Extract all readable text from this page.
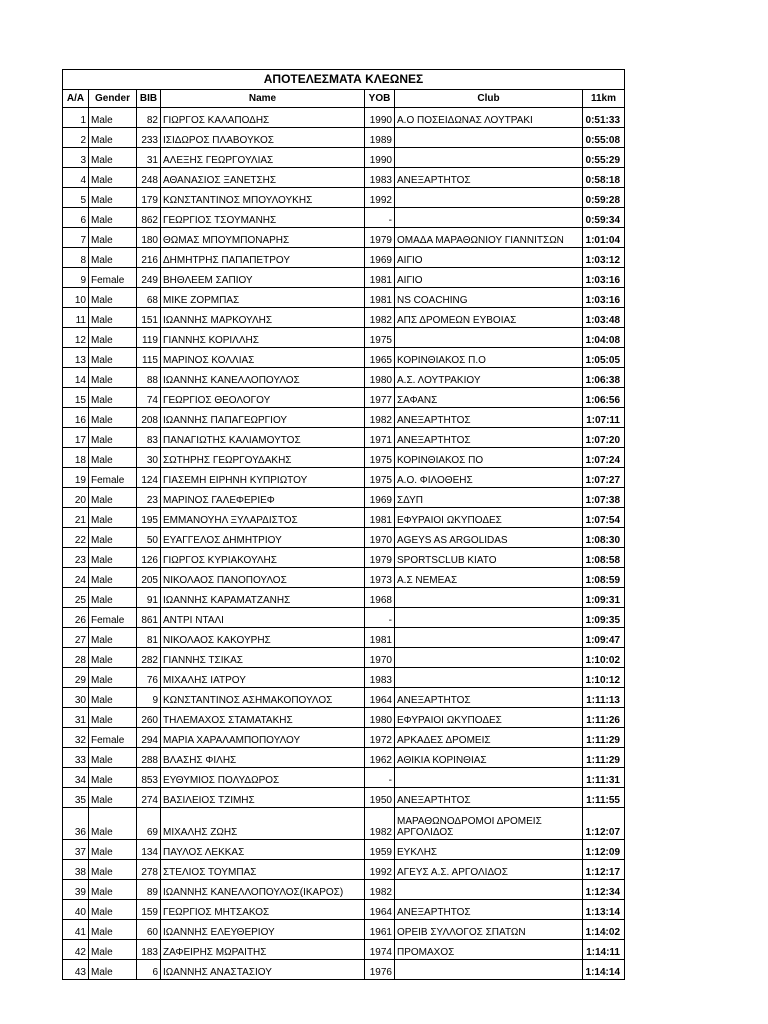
ΑΠΟΤΕΛΕΣΜΑΤΑ ΚΛΕΩΝΕΣ						
A/A	Gender	BIB	Name	YOB	Club	11km
1	Male	82	ΓΙΩΡΓΟΣ ΚΑΛΑΠΟΔΗΣ	1990	Α.Ο ΠΟΣΕΙΔΩΝΑΣ ΛΟΥΤΡΑΚΙ	0:51:33
2	Male	233	ΙΣΙΔΩΡΟΣ ΠΛΑΒΟΥΚΟΣ	1989		0:55:08
3	Male	31	ΑΛΕΞΗΣ ΓΕΩΡΓΟΥΛΙΑΣ	1990		0:55:29
4	Male	248	ΑΘΑΝΑΣΙΟΣ ΞΑΝΕΤΣΗΣ	1983	ΑΝΕΞΑΡΤΗΤΟΣ	0:58:18
5	Male	179	ΚΩΝΣΤΑΝΤΙΝΟΣ ΜΠΟΥΛΟΥΚΗΣ	1992		0:59:28
6	Male	862	ΓΕΩΡΓΙΟΣ ΤΣΟΥΜΑΝΗΣ	-		0:59:34
7	Male	180	ΘΩΜΑΣ ΜΠΟΥΜΠΟΝΑΡΗΣ	1979	ΟΜΑΔΑ ΜΑΡΑΘΩΝΙΟΥ ΓΙΑΝΝΙΤΣΩΝ	1:01:04
8	Male	216	ΔΗΜΗΤΡΗΣ ΠΑΠΑΠΕΤΡΟΥ	1969	ΑΙΓΙΟ	1:03:12
9	Female	249	ΒΗΘΛΕΕΜ ΣΑΠΙΟΥ	1981	ΑΙΓΙΟ	1:03:16
10	Male	68	ΜΙΚΕ ΖΟΡΜΠΑΣ	1981	NS COACHING	1:03:16
11	Male	151	ΙΩΑΝΝΗΣ ΜΑΡΚΟΥΛΗΣ	1982	ΑΠΣ ΔΡΟΜΕΩΝ ΕΥΒΟΙΑΣ	1:03:48
12	Male	119	ΓΙΑΝΝΗΣ ΚΟΡΙΛΛΗΣ	1975		1:04:08
13	Male	115	ΜΑΡΙΝΟΣ ΚΟΛΛΙΑΣ	1965	ΚΟΡΙΝΘΙΑΚΟΣ Π.Ο	1:05:05
14	Male	88	ΙΩΑΝΝΗΣ ΚΑΝΕΛΛΟΠΟΥΛΟΣ	1980	Α.Σ. ΛΟΥΤΡΑΚΙΟΥ	1:06:38
15	Male	74	ΓΕΩΡΓΙΟΣ ΘΕΟΛΟΓΟΥ	1977	ΣΑΦΑΝΣ	1:06:56
16	Male	208	ΙΩΑΝΝΗΣ ΠΑΠΑΓΕΩΡΓΙΟΥ	1982	ΑΝΕΞΑΡΤΗΤΟΣ	1:07:11
17	Male	83	ΠΑΝΑΓΙΩΤΗΣ ΚΑΛΙΑΜΟΥΤΟΣ	1971	ΑΝΕΞΑΡΤΗΤΟΣ	1:07:20
18	Male	30	ΣΩΤΗΡΗΣ ΓΕΩΡΓΟΥΔΑΚΗΣ	1975	ΚΟΡΙΝΘΙΑΚΟΣ ΠΟ	1:07:24
19	Female	124	ΓΙΑΣΕΜΗ ΕΙΡΗΝΗ ΚΥΠΡΙΩΤΟΥ	1975	Α.Ο. ΦΙΛΟΘΕΗΣ	1:07:27
20	Male	23	ΜΑΡΙΝΟΣ ΓΑΛΕΦΕΡΙΕΦ	1969	ΣΔΥΠ	1:07:38
21	Male	195	ΕΜΜΑΝΟΥΗΛ ΞΥΛΑΡΔΙΣΤΟΣ	1981	ΕΦΥΡΑΙΟΙ ΩΚΥΠΟΔΕΣ	1:07:54
22	Male	50	ΕΥΑΓΓΕΛΟΣ ΔΗΜΗΤΡΙΟΥ	1970	AGEYS AS ARGOLIDAS	1:08:30
23	Male	126	ΓΙΩΡΓΟΣ ΚΥΡΙΑΚΟΥΛΗΣ	1979	SPORTSCLUB KIATO	1:08:58
24	Male	205	ΝΙΚΟΛΑΟΣ ΠΑΝΟΠΟΥΛΟΣ	1973	Α.Σ ΝΕΜΕΑΣ	1:08:59
25	Male	91	ΙΩΑΝΝΗΣ ΚΑΡΑΜΑΤΖΑΝΗΣ	1968		1:09:31
26	Female	861	ΑΝΤΡΙ ΝΤΑΛΙ	-		1:09:35
27	Male	81	ΝΙΚΟΛΑΟΣ ΚΑΚΟΥΡΗΣ	1981		1:09:47
28	Male	282	ΓΙΑΝΝΗΣ ΤΣΙΚΑΣ	1970		1:10:02
29	Male	76	ΜΙΧΑΛΗΣ ΙΑΤΡΟΥ	1983		1:10:12
30	Male	9	ΚΩΝΣΤΑΝΤΙΝΟΣ ΑΣΗΜΑΚΟΠΟΥΛΟΣ	1964	ΑΝΕΞΑΡΤΗΤΟΣ	1:11:13
31	Male	260	ΤΗΛΕΜΑΧΟΣ ΣΤΑΜΑΤΑΚΗΣ	1980	ΕΦΥΡΑΙΟΙ ΩΚΥΠΟΔΕΣ	1:11:26
32	Female	294	ΜΑΡΙΑ ΧΑΡΑΛΑΜΠΟΠΟΥΛΟΥ	1972	ΑΡΚΑΔΕΣ ΔΡΟΜΕΙΣ	1:11:29
33	Male	288	ΒΛΑΣΗΣ ΦΙΛΗΣ	1962	ΑΘΙΚΙΑ ΚΟΡΙΝΘΙΑΣ	1:11:29
34	Male	853	ΕΥΘΥΜΙΟΣ ΠΟΛΥΔΩΡΟΣ	-		1:11:31
35	Male	274	ΒΑΣΙΛΕΙΟΣ ΤΖΙΜΗΣ	1950	ΑΝΕΞΑΡΤΗΤΟΣ	1:11:55
36	Male	69	ΜΙΧΑΛΗΣ ΖΩΗΣ	1982	ΜΑΡΑΘΩΝΟΔΡΟΜΟΙ ΔΡΟΜΕΙΣ ΑΡΓΟΛΙΔΟΣ	1:12:07
37	Male	134	ΠΑΥΛΟΣ ΛΕΚΚΑΣ	1959	ΕΥΚΛΗΣ	1:12:09
38	Male	278	ΣΤΕΛΙΟΣ ΤΟΥΜΠΑΣ	1992	ΑΓΕΥΣ Α.Σ. ΑΡΓΟΛΙΔΟΣ	1:12:17
39	Male	89	ΙΩΑΝΝΗΣ ΚΑΝΕΛΛΟΠΟΥΛΟΣ(ΙΚΑΡΟΣ)	1982		1:12:34
40	Male	159	ΓΕΩΡΓΙΟΣ ΜΗΤΣΑΚΟΣ	1964	ΑΝΕΞΑΡΤΗΤΟΣ	1:13:14
41	Male	60	ΙΩΑΝΝΗΣ ΕΛΕΥΘΕΡΙΟΥ	1961	ΟΡΕΙΒ ΣΥΛΛΟΓΟΣ ΣΠΑΤΩΝ	1:14:02
42	Male	183	ΖΑΦΕΙΡΗΣ ΜΩΡΑΙΤΗΣ	1974	ΠΡΟΜΑΧΟΣ	1:14:11
43	Male	6	ΙΩΑΝΝΗΣ ΑΝΑΣΤΑΣΙΟΥ	1976		1:14:14
